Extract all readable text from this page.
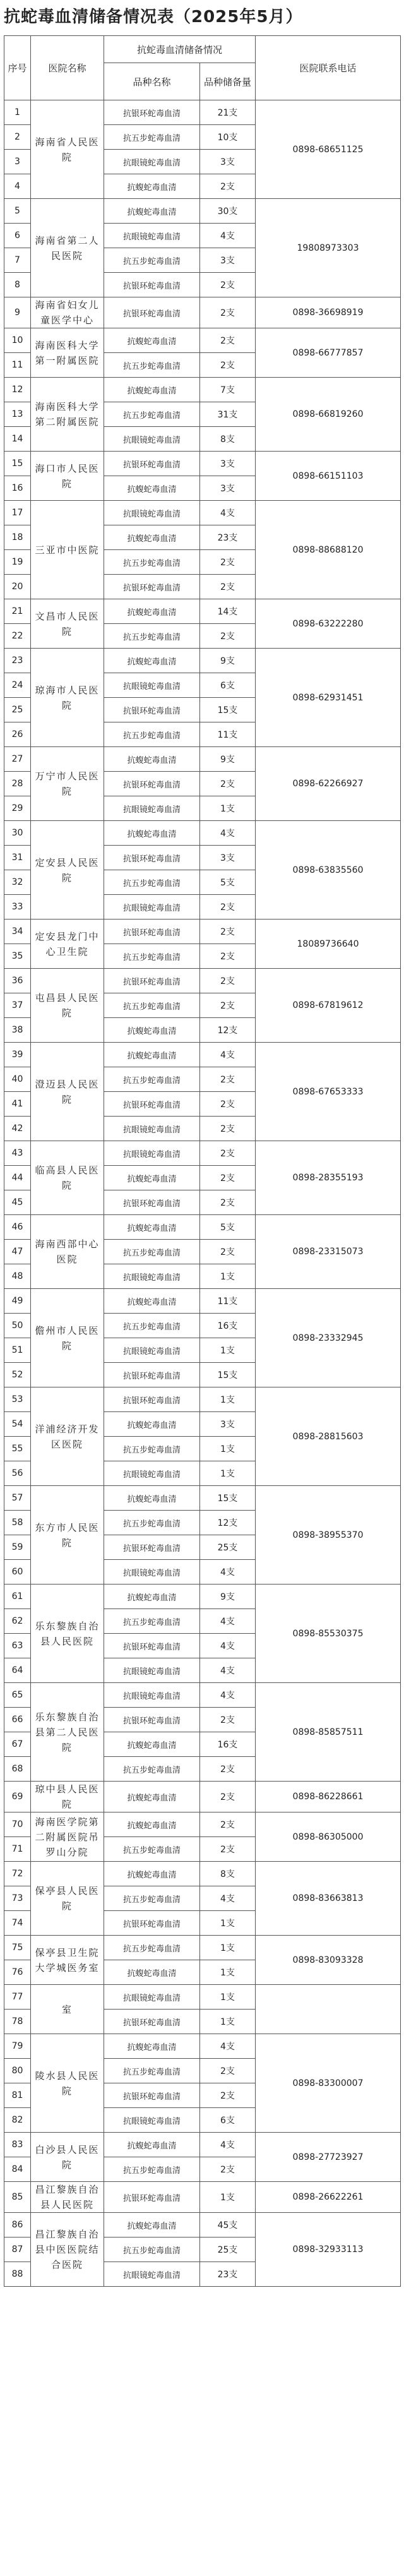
抗蛇毒血清储备情况表（2025年5月）
序号	医院名称	抗蛇毒血清储备情况		医院联系电话
		品种名称	品种储备量	
1	海南省人民医院	抗银环蛇毒血清	21支	0898-68651125
2		抗五步蛇毒血清	10支	
3		抗眼镜蛇毒血清	3支	
4		抗蝮蛇毒血清	2支	
5	海南省第二人民医院	抗蝮蛇毒血清	30支	19808973303
6		抗眼镜蛇毒血清	4支	
7		抗五步蛇毒血清	3支	
8		抗银环蛇毒血清	2支	
9	海南省妇女儿童医学中心	抗银环蛇毒血清	2支	0898-36698919
10	海南医科大学第一附属医院	抗蝮蛇毒血清	2支	0898-66777857
11		抗五步蛇毒血清	2支	
12	海南医科大学第二附属医院	抗蝮蛇毒血清	7支	0898-66819260
13		抗五步蛇毒血清	31支	
14		抗眼镜蛇毒血清	8支	
15	海口市人民医院	抗银环蛇毒血清	3支	0898-66151103
16		抗蝮蛇毒血清	3支	
17	三亚市中医院	抗眼镜蛇毒血清	4支	0898-88688120
18		抗蝮蛇毒血清	23支	
19		抗五步蛇毒血清	2支	
20		抗银环蛇毒血清	2支	
21	文昌市人民医院	抗蝮蛇毒血清	14支	0898-63222280
22		抗五步蛇毒血清	2支	
23	琼海市人民医院	抗蝮蛇毒血清	9支	0898-62931451
24		抗眼镜蛇毒血清	6支	
25		抗银环蛇毒血清	15支	
26		抗五步蛇毒血清	11支	
27	万宁市人民医院	抗蝮蛇毒血清	9支	0898-62266927
28		抗银环蛇毒血清	2支	
29		抗眼镜蛇毒血清	1支	
30	定安县人民医院	抗蝮蛇毒血清	4支	0898-63835560
31		抗银环蛇毒血清	3支	
32		抗五步蛇毒血清	5支	
33		抗眼镜蛇毒血清	2支	
34	定安县龙门中心卫生院	抗银环蛇毒血清	2支	18089736640
35		抗五步蛇毒血清	2支	
36	屯昌县人民医院	抗银环蛇毒血清	2支	0898-67819612
37		抗五步蛇毒血清	2支	
38		抗蝮蛇毒血清	12支	
39	澄迈县人民医院	抗蝮蛇毒血清	4支	0898-67653333
40		抗五步蛇毒血清	2支	
41		抗银环蛇毒血清	2支	
42		抗眼镜蛇毒血清	2支	
43	临高县人民医院	抗眼镜蛇毒血清	2支	0898-28355193
44		抗蝮蛇毒血清	2支	
45		抗银环蛇毒血清	2支	
46	海南西部中心医院	抗蝮蛇毒血清	5支	0898-23315073
47		抗五步蛇毒血清	2支	
48		抗眼镜蛇毒血清	1支	
49	儋州市人民医院	抗蝮蛇毒血清	11支	0898-23332945
50		抗五步蛇毒血清	16支	
51		抗眼镜蛇毒血清	1支	
52		抗银环蛇毒血清	15支	
53	洋浦经济开发区医院	抗银环蛇毒血清	1支	0898-28815603
54		抗蝮蛇毒血清	3支	
55		抗五步蛇毒血清	1支	
56		抗眼镜蛇毒血清	1支	
57	东方市人民医院	抗蝮蛇毒血清	15支	0898-38955370
58		抗五步蛇毒血清	12支	
59		抗银环蛇毒血清	25支	
60		抗眼镜蛇毒血清	4支	
61	乐东黎族自治县人民医院	抗蝮蛇毒血清	9支	0898-85530375
62		抗五步蛇毒血清	4支	
63		抗银环蛇毒血清	4支	
64		抗眼镜蛇毒血清	4支	
65	乐东黎族自治县第二人民医院	抗眼镜蛇毒血清	4支	0898-85857511
66		抗银环蛇毒血清	2支	
67		抗蝮蛇毒血清	16支	
68		抗五步蛇毒血清	2支	
69	琼中县人民医院	抗蝮蛇毒血清	2支	0898-86228661
70	海南医学院第二附属医院吊罗山分院	抗蝮蛇毒血清	2支	0898-86305000
71		抗五步蛇毒血清	2支	
72	保亭县人民医院	抗蝮蛇毒血清	8支	0898-83663813
73		抗五步蛇毒血清	4支	
74		抗银环蛇毒血清	1支	
75	保亭县卫生院大学城医务室	抗五步蛇毒血清	1支	0898-83093328
76		抗蝮蛇毒血清	1支	
77	室	抗眼镜蛇毒血清	1支	
78		抗银环蛇毒血清	1支	
79	陵水县人民医院	抗蝮蛇毒血清	4支	0898-83300007
80		抗五步蛇毒血清	2支	
81		抗银环蛇毒血清	2支	
82		抗眼镜蛇毒血清	6支	
83	白沙县人民医院	抗蝮蛇毒血清	4支	0898-27723927
84		抗五步蛇毒血清	2支	
85	昌江黎族自治县人民医院	抗银环蛇毒血清	1支	0898-26622261
86	昌江黎族自治县中医医院结合医院	抗蝮蛇毒血清	45支	0898-32933113
87		抗五步蛇毒血清	25支	
88		抗眼镜蛇毒血清	23支	
